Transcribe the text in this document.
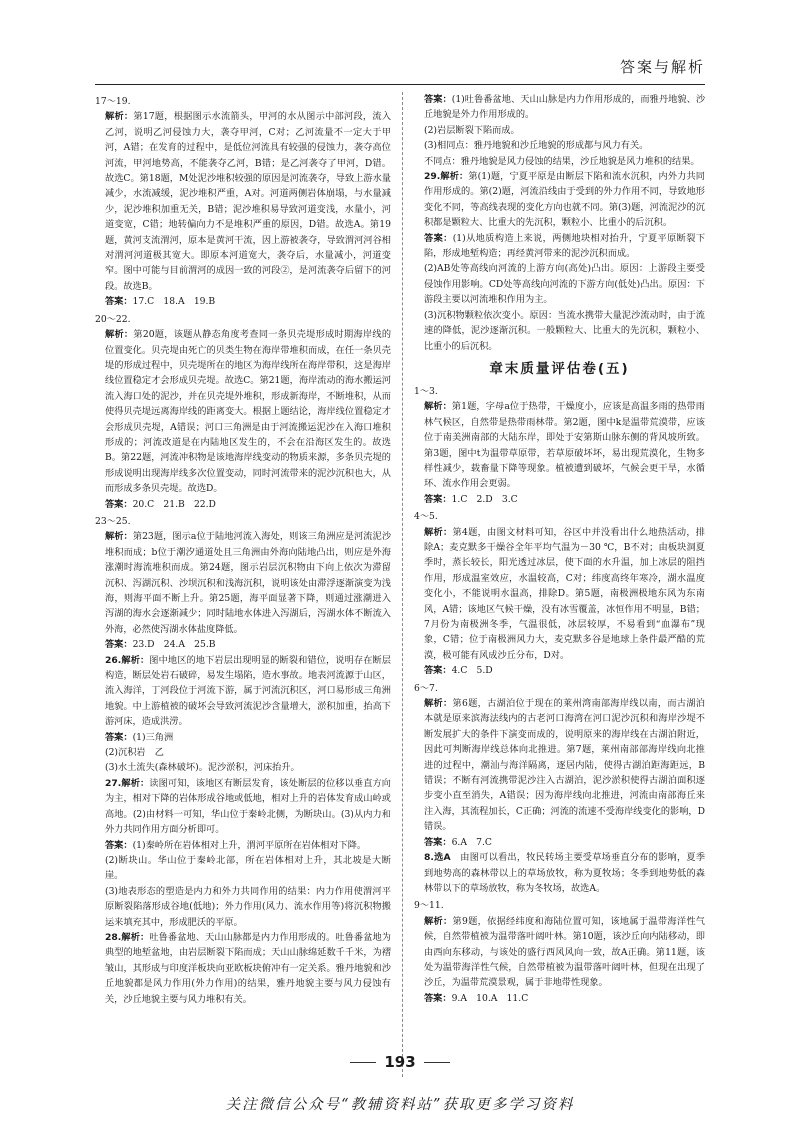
答案与解析
17～19.
解析：第17题，根据图示水流箭头，甲河的水从图示中部河段，流入乙河，说明乙河侵蚀力大，袭夺甲河，C对；乙河流量不一定大于甲河，A错；在发育的过程中，是低位河流具有较强的侵蚀力，袭夺高位河流，甲河地势高，不能袭夺乙河，B错；是乙河袭夺了甲河，D错。故选C。第18题，M处泥沙堆积较强的原因是河流袭夺，导致上游水量减少，水流减缓，泥沙堆积严重，A对。河道两侧岩体崩塌，与水量减少，泥沙堆积加重无关，B错；泥沙堆积易导致河道变浅，水量小，河道变宽，C错；地转偏向力不是堆积严重的原因，D错。故选A。第19题，黄河支流渭河，原本是黄河干流，因上游被袭夺，导致渭河河谷相对渭河河道极其宽大。即原本河道宽大，袭夺后，水量减小，河道变窄。图中可能与目前渭河的成因一致的河段②，是河流袭夺后留下的河段。故选B。
答案：17.C　18.A　19.B
20～22.
解析：第20题，该题从静态角度考查同一条贝壳堤形成时期海岸线的位置变化。贝壳堤由死亡的贝类生物在海岸带堆积而成，在任一条贝壳堤的形成过程中，贝壳堤所在的地区为海岸线所在海岸带积，这是海岸线位置稳定才会形成贝壳堤。故选C。第21题，海岸流动的海水搬运河流入海口处的泥沙，并在贝壳堤外堆积，形成新海岸，不断堆积，从而使得贝壳堤远离海岸线的距离变大。根据上题结论，海岸线位置稳定才会形成贝壳堤，A错误；河口三角洲是由于河流搬运泥沙在入海口堆积形成的；河流改道是在内陆地区发生的，不会在沿海区发生的。故选B。第22题，河流冲积物是该地海岸线变动的物质来源，多条贝壳堤的形成说明出现海岸线多次位置变动，同时河流带来的泥沙沉积也大，从而形成多条贝壳堤。故选D。
答案：20.C　21.B　22.D
23～25.
解析：第23题，图示a位于陆地河流入海处，则该三角洲应是河流泥沙堆积而成；b位于潮汐通道处且三角洲由外海向陆地凸出，则应是外海涨潮时海流堆积而成。第24题，图示岩层沉积物由下向上依次为滞留沉积、泻湖沉积、沙坝沉积和浅海沉积，说明该处由滞浮逐渐演变为浅海，则海平面不断上升。第25题，海平面显著下降，则通过涨潮进入泻湖的海水会逐渐减少；同时陆地水体进入泻湖后，泻湖水体不断流入外海，必然使泻湖水体盐度降低。
答案：23.D　24.A　25.B
26.解析：图中地区的地下岩层出现明显的断裂和错位，说明存在断层构造，断层处岩石破碎，易发生塌陷，造水事故。地表河流源于山区，流入海洋，丁河段位于河流下游，属于河流沉积区，河口易形成三角洲地貌。中上游植被的破坏会导致河流泥沙含量增大，淤积加重，抬高下游河床，造成洪涝。
答案：(1)三角洲
(2)沉积岩　乙
(3)水土流失(森林破坏)。泥沙淤积，河床抬升。
27.解析：读图可知，该地区有断层发育，该处断层的位移以垂直方向为主，相对下降的岩体形成谷地或低地，相对上升的岩体发育成山岭或高地。(2)由材料一可知，华山位于秦岭北侧，为断块山。(3)从内力和外力共同作用方面分析即可。
答案：(1)秦岭所在岩体相对上升，渭河平原所在岩体相对下降。
(2)断块山。华山位于秦岭北部，所在岩体相对上升，其北坡是大断崖。
(3)地表形态的塑造是内力和外力共同作用的结果：内力作用使渭河平原断裂陷落形成谷地(低地)；外力作用(风力、流水作用等)将沉积物搬运来填充其中，形成肥沃的平原。
28.解析：吐鲁番盆地、天山山脉都是内力作用形成的。吐鲁番盆地为典型的地堑盆地，由岩层断裂下陷而成；天山山脉绵延数千千米，为褶皱山，其形成与印度洋板块向亚欧板块俯冲有一定关系。雅丹地貌和沙丘地貌都是风力作用(外力作用)的结果，雅丹地貌主要与风力侵蚀有关，沙丘地貌主要与风力堆积有关。
答案：(1)吐鲁番盆地、天山山脉是内力作用形成的，而雅丹地貌、沙丘地貌是外力作用形成的。
(2)岩层断裂下陷而成。
(3)相同点：雅丹地貌和沙丘地貌的形成都与风力有关。
不同点：雅丹地貌是风力侵蚀的结果，沙丘地貌是风力堆积的结果。
29.解析：第(1)题，宁夏平原是由断层下陷和流水沉积，内外力共同作用形成的。第(2)题，河流沿线由于受到的外力作用不同，导致地形变化不同，等高线表现的变化方向也就不同。第(3)题，河流泥沙的沉积都是颗粒大、比重大的先沉积，颗粒小、比重小的后沉积。
答案：(1)从地质构造上来说，两侧地块相对抬升，宁夏平原断裂下陷，形成地堑构造；再经黄河带来的泥沙沉积而成。
(2)AB处等高线向河流的上游方向(高处)凸出。原因：上游段主要受侵蚀作用影响。CD处等高线向河流的下游方向(低处)凸出。原因：下游段主要以河流堆积作用为主。
(3)沉积物颗粒依次变小。原因：当流水携带大量泥沙流动时，由于流速的降低，泥沙逐渐沉积。一般颗粒大、比重大的先沉积，颗粒小、比重小的后沉积。
章末质量评估卷(五)
1～3.
解析：第1题，字母a位于热带，干燥度小，应该是高温多雨的热带雨林气候区，自然带是热带雨林带。第2题，图中k是温带荒漠带，应该位于南美洲南部的大陆东岸，即处于安第斯山脉东侧的背风坡所致。第3题，图中t为温带草原带，若草原破坏坏，易出现荒漠化，生物多样性减少，载畜量下降等现象。植被遭到破坏，气候会更干旱，水循环、流水作用会更弱。
答案：1.C　2.D　3.C
4～5.
解析：第4题，由图文材料可知，谷区中并没看出什么地热活动，排除A；麦克默多干燥谷全年平均气温为－30 ℃，B不对；由板块洞夏季时，蒸长较长，阳光透过冰层，使下面的水升温，加上冰层的阻挡作用，形成温室效应，水温较高，C对；纬度高终年寒冷，湖水温度变化小，不能说明水温高，排除D。第5题，南极洲极地东风为东南风，A错；该地区气候干燥，没有冰雪覆盖，冰恒作用不明显，B错；7月份为南极洲冬季，气温很低，冰层较厚，不易看到“血瀑布”现象，C错；位于南极洲风力大，麦克默多谷是地球上条件最严酷的荒漠，极可能有风成沙丘分布，D对。
答案：4.C　5.D
6～7.
解析：第6题，古湖泊位于现在的莱州湾南部海岸线以南，而古湖泊本就是原来滨海法线内的古老河口海湾在河口泥沙沉积和海岸沙堤不断发展扩大的条件下演变而成的，说明原来的海岸线在古湖泊附近，因此可判断海岸线总体向北推进。第7题，莱州南部部海岸线向北推进的过程中，潮汕与海洋隔离，逐居内陆，使得古湖泊距海距远，B错误；不断有河流携带泥沙注入古湖泊，泥沙淤积使得古湖泊面积逐步变小直至消失，A错误；因为海岸线向北推进，河流由南部海丘来注入海，其流程加长，C正确；河流的流速不受海岸线变化的影响，D错误。
答案：6.A　7.C
8.选A　由图可以看出，牧民转场主要受草场垂直分布的影响，夏季到地势高的森林带以上的草场放牧，称为夏牧场；冬季到地势低的森林带以下的草场放牧，称为冬牧场，故选A。
9～11.
解析：第9题，依据经纬度和海陆位置可知，该地属于温带海洋性气候，自然带植被为温带落叶阔叶林。第10题，该沙丘向内陆移动，即由西向东移动，与该处的盛行西风风向一致，故A正确。第11题，该处为温带海洋性气候，自然带植被为温带落叶阔叶林，但现在出现了沙丘，为温带荒漠景观，属于非地带性现象。
答案：9.A　10.A　11.C
193
关注微信公众号“教辅资料站”获取更多学习资料
